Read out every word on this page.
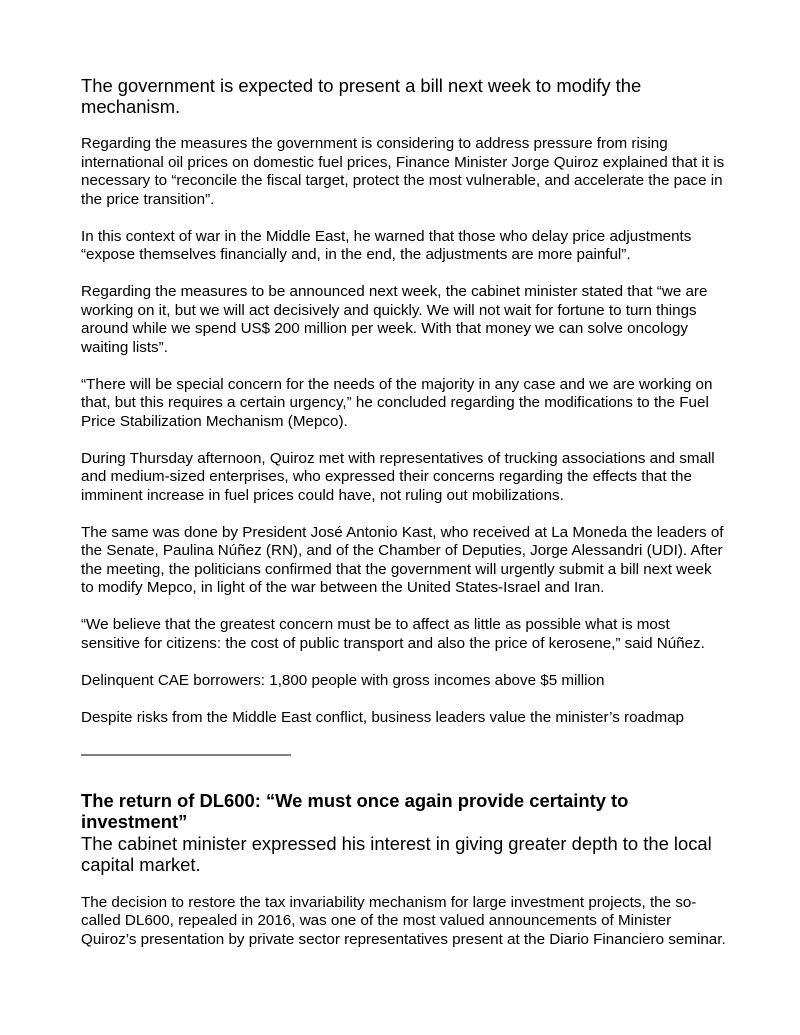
The government is expected to present a bill next week to modify the mechanism.

Regarding the measures the government is considering to address pressure from rising international oil prices on domestic fuel prices, Finance Minister Jorge Quiroz explained that it is necessary to “reconcile the fiscal target, protect the most vulnerable, and accelerate the pace in the price transition”.

In this context of war in the Middle East, he warned that those who delay price adjustments “expose themselves financially and, in the end, the adjustments are more painful”.

Regarding the measures to be announced next week, the cabinet minister stated that “we are working on it, but we will act decisively and quickly. We will not wait for fortune to turn things around while we spend US$ 200 million per week. With that money we can solve oncology waiting lists”.

“There will be special concern for the needs of the majority in any case and we are working on that, but this requires a certain urgency,” he concluded regarding the modifications to the Fuel Price Stabilization Mechanism (Mepco).

During Thursday afternoon, Quiroz met with representatives of trucking associations and small and medium-sized enterprises, who expressed their concerns regarding the effects that the imminent increase in fuel prices could have, not ruling out mobilizations.

The same was done by President José Antonio Kast, who received at La Moneda the leaders of the Senate, Paulina Núñez (RN), and of the Chamber of Deputies, Jorge Alessandri (UDI). After the meeting, the politicians confirmed that the government will urgently submit a bill next week to modify Mepco, in light of the war between the United States-Israel and Iran.

“We believe that the greatest concern must be to affect as little as possible what is most sensitive for citizens: the cost of public transport and also the price of kerosene,” said Núñez.

Delinquent CAE borrowers: 1,800 people with gross incomes above $5 million

Despite risks from the Middle East conflict, business leaders value the minister’s roadmap

——————————————

The return of DL600: “We must once again provide certainty to investment”

The cabinet minister expressed his interest in giving greater depth to the local capital market.

The decision to restore the tax invariability mechanism for large investment projects, the so-called DL600, repealed in 2016, was one of the most valued announcements of Minister Quiroz’s presentation by private sector representatives present at the Diario Financiero seminar.
